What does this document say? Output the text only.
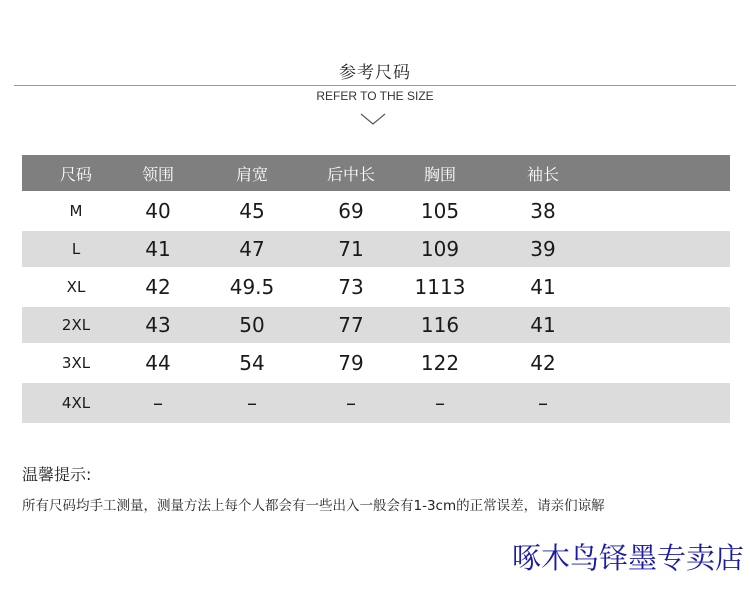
参考尺码
REFER TO THE SIZE
尺码	领围	肩宽	后中长	胸围	袖长
M	40	45	69	105	38
L	41	47	71	109	39
XL	42	49.5	73	1113	41
2XL	43	50	77	116	41
3XL	44	54	79	122	42
4XL	–	–	–	–	–
温馨提示:
所有尺码均手工测量，测量方法上每个人都会有一些出入一般会有1-3cm的正常误差，请亲们谅解
啄木鸟铎墨专卖店
